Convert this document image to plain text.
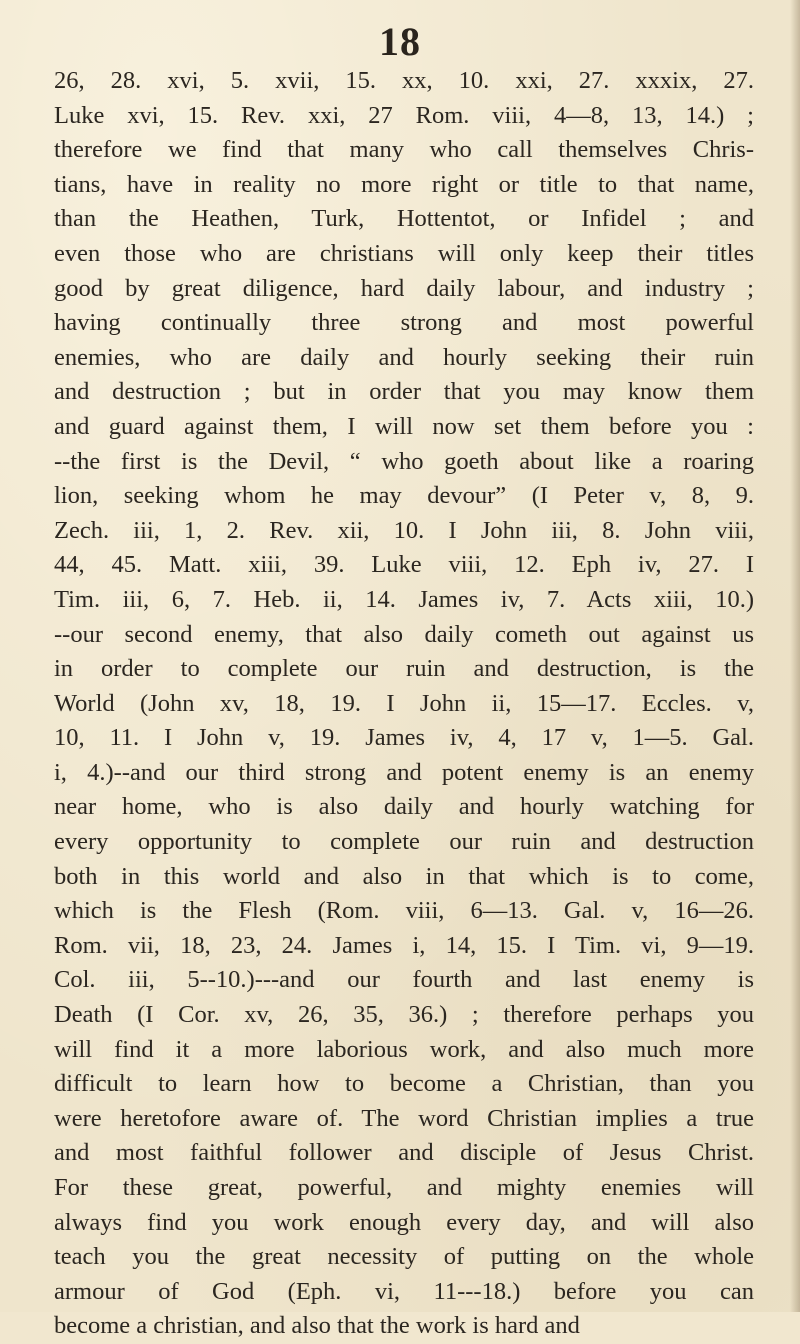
18
26, 28. xvi, 5. xvii, 15. xx, 10. xxi, 27. xxxix, 27.
Luke xvi, 15. Rev. xxi, 27 Rom. viii, 4—8, 13, 14.) ;
therefore we find that many who call themselves Chris-
tians, have in reality no more right or title to that name,
than the Heathen, Turk, Hottentot, or Infidel ; and
even those who are christians will only keep their titles
good by great diligence, hard daily labour, and industry ;
having continually three strong and most powerful
enemies, who are daily and hourly seeking their ruin
and destruction ; but in order that you may know them
and guard against them, I will now set them before you :
--the first is the Devil, “ who goeth about like a roaring
lion, seeking whom he may devour” (I Peter v, 8, 9.
Zech. iii, 1, 2. Rev. xii, 10. I John iii, 8. John viii,
44, 45. Matt. xiii, 39. Luke viii, 12. Eph iv, 27. I
Tim. iii, 6, 7. Heb. ii, 14. James iv, 7. Acts xiii, 10.)
--our second enemy, that also daily cometh out against us
in order to complete our ruin and destruction, is the
World (John xv, 18, 19. I John ii, 15—17. Eccles. v,
10, 11. I John v, 19. James iv, 4, 17 v, 1—5. Gal.
i, 4.)--and our third strong and potent enemy is an enemy
near home, who is also daily and hourly watching for
every opportunity to complete our ruin and destruction
both in this world and also in that which is to come,
which is the Flesh (Rom. viii, 6—13. Gal. v, 16—26.
Rom. vii, 18, 23, 24. James i, 14, 15. I Tim. vi, 9—19.
Col. iii, 5--10.)---and our fourth and last enemy is
Death (I Cor. xv, 26, 35, 36.) ; therefore perhaps you
will find it a more laborious work, and also much more
difficult to learn how to become a Christian, than you
were heretofore aware of. The word Christian implies a true
and most faithful follower and disciple of Jesus Christ.
For these great, powerful, and mighty enemies will
always find you work enough every day, and will also
teach you the great necessity of putting on the whole
armour of God (Eph. vi, 11---18.) before you can
become a christian, and also that the work is hard and
